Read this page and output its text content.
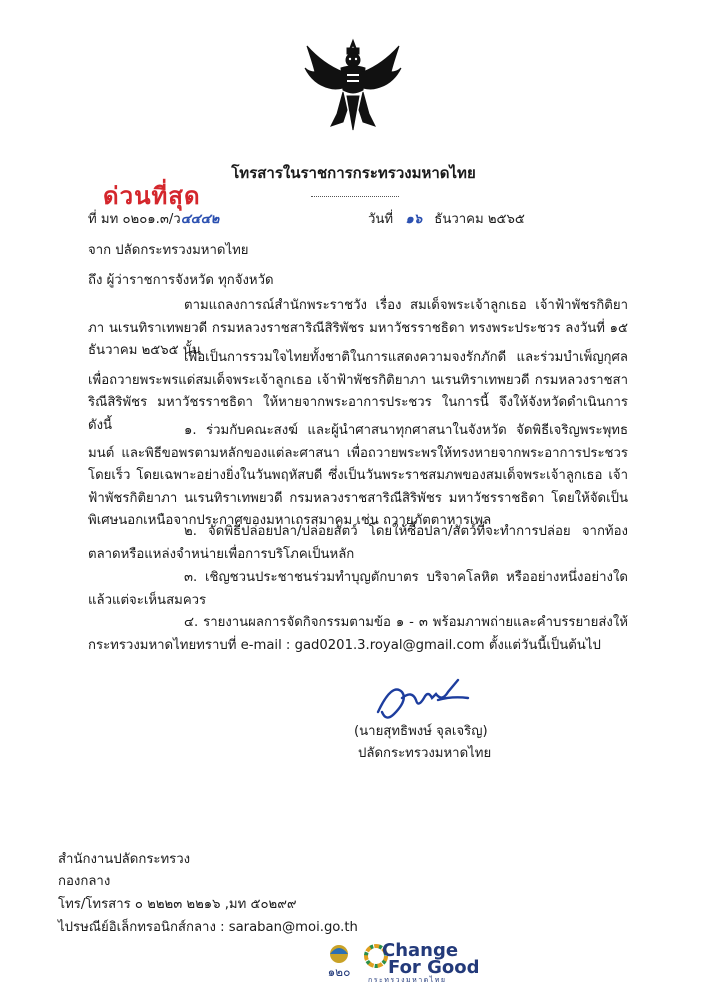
โทรสารในราชการกระทรวงมหาดไทย
ด่วนที่สุด
ที่ มท ๐๒๐๑.๓/ว๔๔๔๒	วันที่ ๑๖ ธันวาคม ๒๕๖๕
จาก ปลัดกระทรวงมหาดไทย
ถึง ผู้ว่าราชการจังหวัด ทุกจังหวัด
ตามแถลงการณ์สำนักพระราชวัง เรื่อง สมเด็จพระเจ้าลูกเธอ เจ้าฟ้าพัชรกิติยาภา นเรนทิราเทพยวดี กรมหลวงราชสาริณีสิริพัชร มหาวัชรราชธิดา ทรงพระประชวร ลงวันที่ ๑๕ ธันวาคม ๒๕๖๕ นั้น
เพื่อเป็นการรวมใจไทยทั้งชาติในการแสดงความจงรักภักดี และร่วมบำเพ็ญกุศลเพื่อถวายพระพรแด่สมเด็จพระเจ้าลูกเธอ เจ้าฟ้าพัชรกิติยาภา นเรนทิราเทพยวดี กรมหลวงราชสาริณีสิริพัชร มหาวัชรราชธิดา ให้หายจากพระอาการประชวร ในการนี้ จึงให้จังหวัดดำเนินการ ดังนี้	๑. ร่วมกับคณะสงฆ์ และผู้นำศาสนาทุกศาสนาในจังหวัด จัดพิธีเจริญพระพุทธมนต์ และพิธีขอพรตามหลักของแต่ละศาสนา เพื่อถวายพระพรให้ทรงหายจากพระอาการประชวรโดยเร็ว โดยเฉพาะอย่างยิ่งในวันพฤหัสบดี ซึ่งเป็นวันพระราชสมภพของสมเด็จพระเจ้าลูกเธอ เจ้าฟ้าพัชรกิติยาภา นเรนทิราเทพยวดี กรมหลวงราชสาริณีสิริพัชร มหาวัชรราชธิดา โดยให้จัดเป็นพิเศษนอกเหนือจากประกาศของมหาเถรสมาคม เช่น ถวายภัตตาหารเพล
๒. จัดพิธีปล่อยปลา/ปล่อยสัตว์ โดยให้ซื้อปลา/สัตว์ที่จะทำการปล่อย จากท้องตลาดหรือแหล่งจำหน่ายเพื่อการบริโภคเป็นหลัก
๓. เชิญชวนประชาชนร่วมทำบุญตักบาตร บริจาคโลหิต หรืออย่างหนึ่งอย่างใด แล้วแต่จะเห็นสมควร
๔. รายงานผลการจัดกิจกรรมตามข้อ ๑ - ๓ พร้อมภาพถ่ายและคำบรรยายส่งให้กระทรวงมหาดไทยทราบที่ e-mail : gad0201.3.royal@gmail.com ตั้งแต่วันนี้เป็นต้นไป
(นายสุทธิพงษ์ จุลเจริญ)
ปลัดกระทรวงมหาดไทย
สำนักงานปลัดกระทรวง
กองกลาง
โทร/โทรสาร ๐ ๒๒๒๓ ๒๒๑๖ ,มท ๕๐๒๙๙
ไปรษณีย์อิเล็กทรอนิกส์กลาง : saraban@moi.go.th
๑๒๐
Change
For Good
กระทรวงมหาดไทย
